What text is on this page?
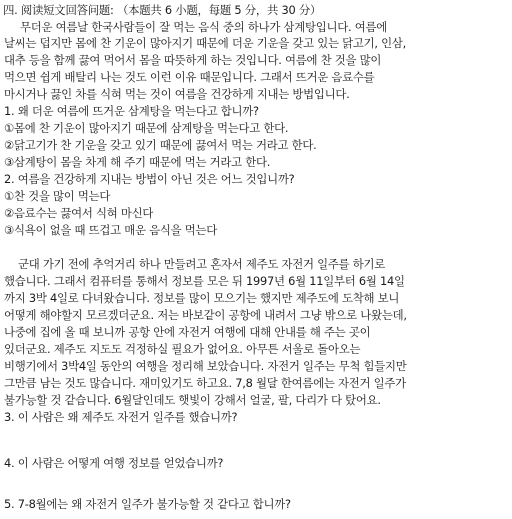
四. 阅读短文回答问题: （本题共 6 小题，每题 5 分，共 30 分）
무더운 여름날 한국사람들이 잘 먹는 음식 중의 하나가 삼계탕입니다. 여름에
날씨는 덥지만 몸에 찬 기운이 많아지기 때문에 더운 기운을 갖고 있는 닭고기, 인삼,
대추 등을 함께 끓여 먹어서 몸을 따뜻하게 하는 것입니다. 여름에 찬 것을 많이
먹으면 쉽게 배탈리 나는 것도 이런 이유 때문입니다. 그래서 뜨거운 음료수를
마시거나 끓인 차를 식혀 먹는 것이 여름을 건강하게 지내는 방법입니다.
1. 왜 더운 여름에 뜨거운 삼계탕을 먹는다고 합니까?
①몸에 찬 기운이 많아지기 때문에 삼계탕을 먹는다고 한다.
②닭고기가 찬 기운을 갖고 있기 때문에 끓여서 먹는 거라고 한다.
③삼계탕이 몸을 차게 해 주기 때문에 먹는 거라고 한다.
2. 여름을 건강하게 지내는 방법이 아닌 것은 어느 것입니까?
①찬 것을 많이 먹는다
②음료수는 끓여서 식혀 마신다
③식욕이 없을 때 뜨겁고 매운 음식을 먹는다
군대 가기 전에 추억거리 하나 만들려고 혼자서 제주도 자전거 일주를 하기로
했습니다. 그래서 컴퓨터를 통해서 정보를 모은 뒤 1997년 6월 11일부터 6월 14일
까지 3박 4일로 다녀왔습니다. 정보를 많이 모으기는 했지만 제주도에 도착해 보니
어떻게 해야할지 모르겠더군요. 저는 바보같이 공항에 내려서 그냥 밖으로 나왔는데,
나중에 집에 올 때 보니까 공항 안에 자전거 여행에 대해 안내를 해 주는 곳이
있더군요. 제주도 지도도 걱정하실 필요가 없어요. 아무튼 서울로 돌아오는
비행기에서 3박4일 동안의 여행을 정리해 보았습니다. 자전거 일주는 무척 힘들지만
그만큼 남는 것도 많습니다. 재미있기도 하고요. 7,8 월달 한여름에는 자전거 일주가
불가능할 것 같습니다. 6월달인데도 햇빛이 강해서 얼굴, 팔, 다리가 다 탔어요.
3. 이 사람은 왜 제주도 자전거 일주를 했습니까?
4. 이 사람은 어떻게 여행 정보를 얻었습니까?
5. 7-8월에는 왜 자전거 일주가 불가능할 것 같다고 합니까?
